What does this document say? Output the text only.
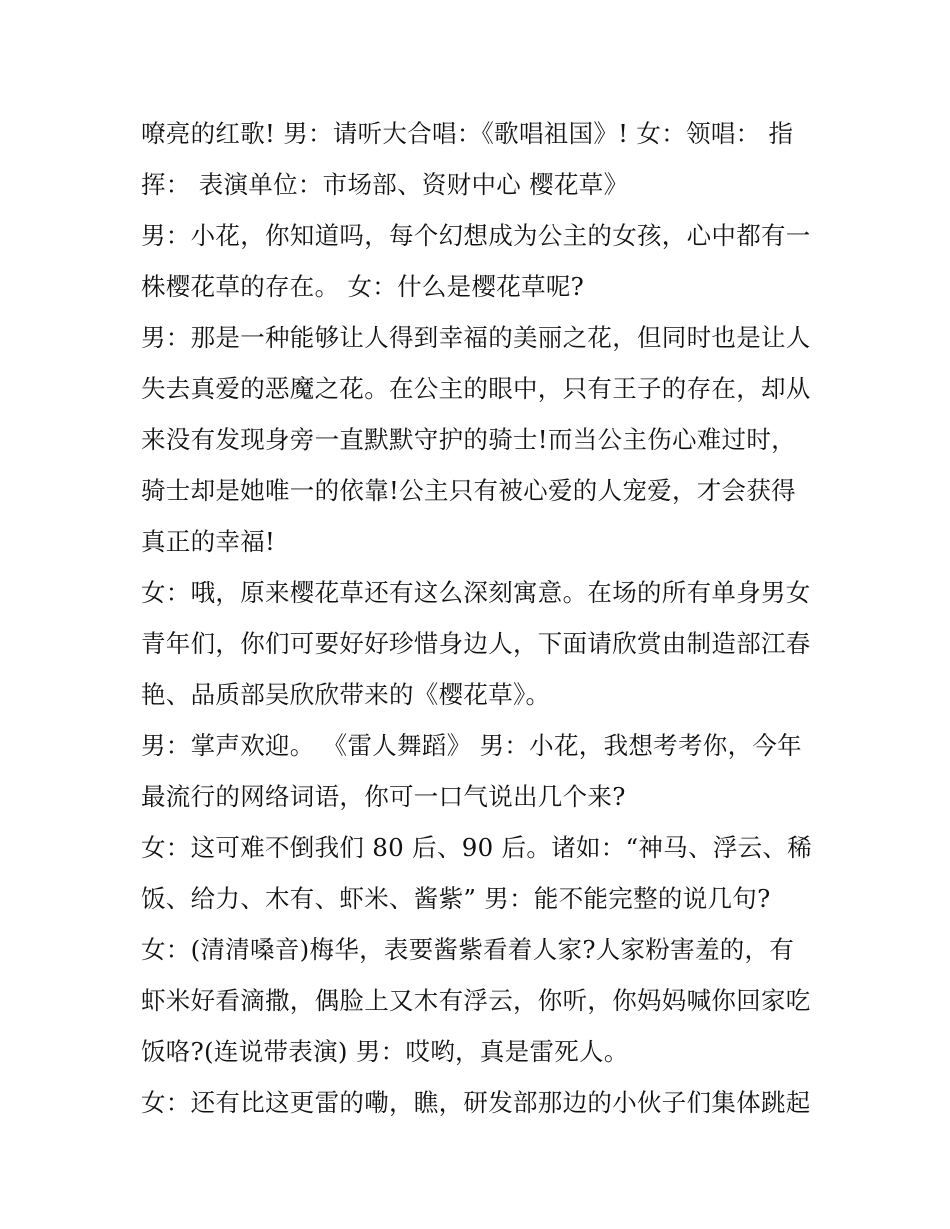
嘹亮的红歌! 男：请听大合唱：《歌唱祖国》! 女：领唱： 指

挥： 表演单位：市场部、资财中心 樱花草》

男：小花，你知道吗，每个幻想成为公主的女孩，心中都有一

株樱花草的存在。 女：什么是樱花草呢?

男：那是一种能够让人得到幸福的美丽之花，但同时也是让人

失去真爱的恶魔之花。在公主的眼中，只有王子的存在，却从

来没有发现身旁一直默默守护的骑士!而当公主伤心难过时，

骑士却是她唯一的依靠!公主只有被心爱的人宠爱，才会获得

真正的幸福!

女：哦，原来樱花草还有这么深刻寓意。在场的所有单身男女

青年们，你们可要好好珍惜身边人，下面请欣赏由制造部江春

艳、品质部吴欣欣带来的《樱花草》。

男：掌声欢迎。 《雷人舞蹈》 男：小花，我想考考你，今年

最流行的网络词语，你可一口气说出几个来?

女：这可难不倒我们 80 后、90 后。诸如：“神马、浮云、稀

饭、给力、木有、虾米、酱紫” 男：能不能完整的说几句?

女：(清清嗓音)梅华，表要酱紫看着人家?人家粉害羞的，有

虾米好看滴撒，偶脸上又木有浮云，你听，你妈妈喊你回家吃

饭咯?(连说带表演) 男：哎哟，真是雷死人。

女：还有比这更雷的嘞，瞧，研发部那边的小伙子们集体跳起
